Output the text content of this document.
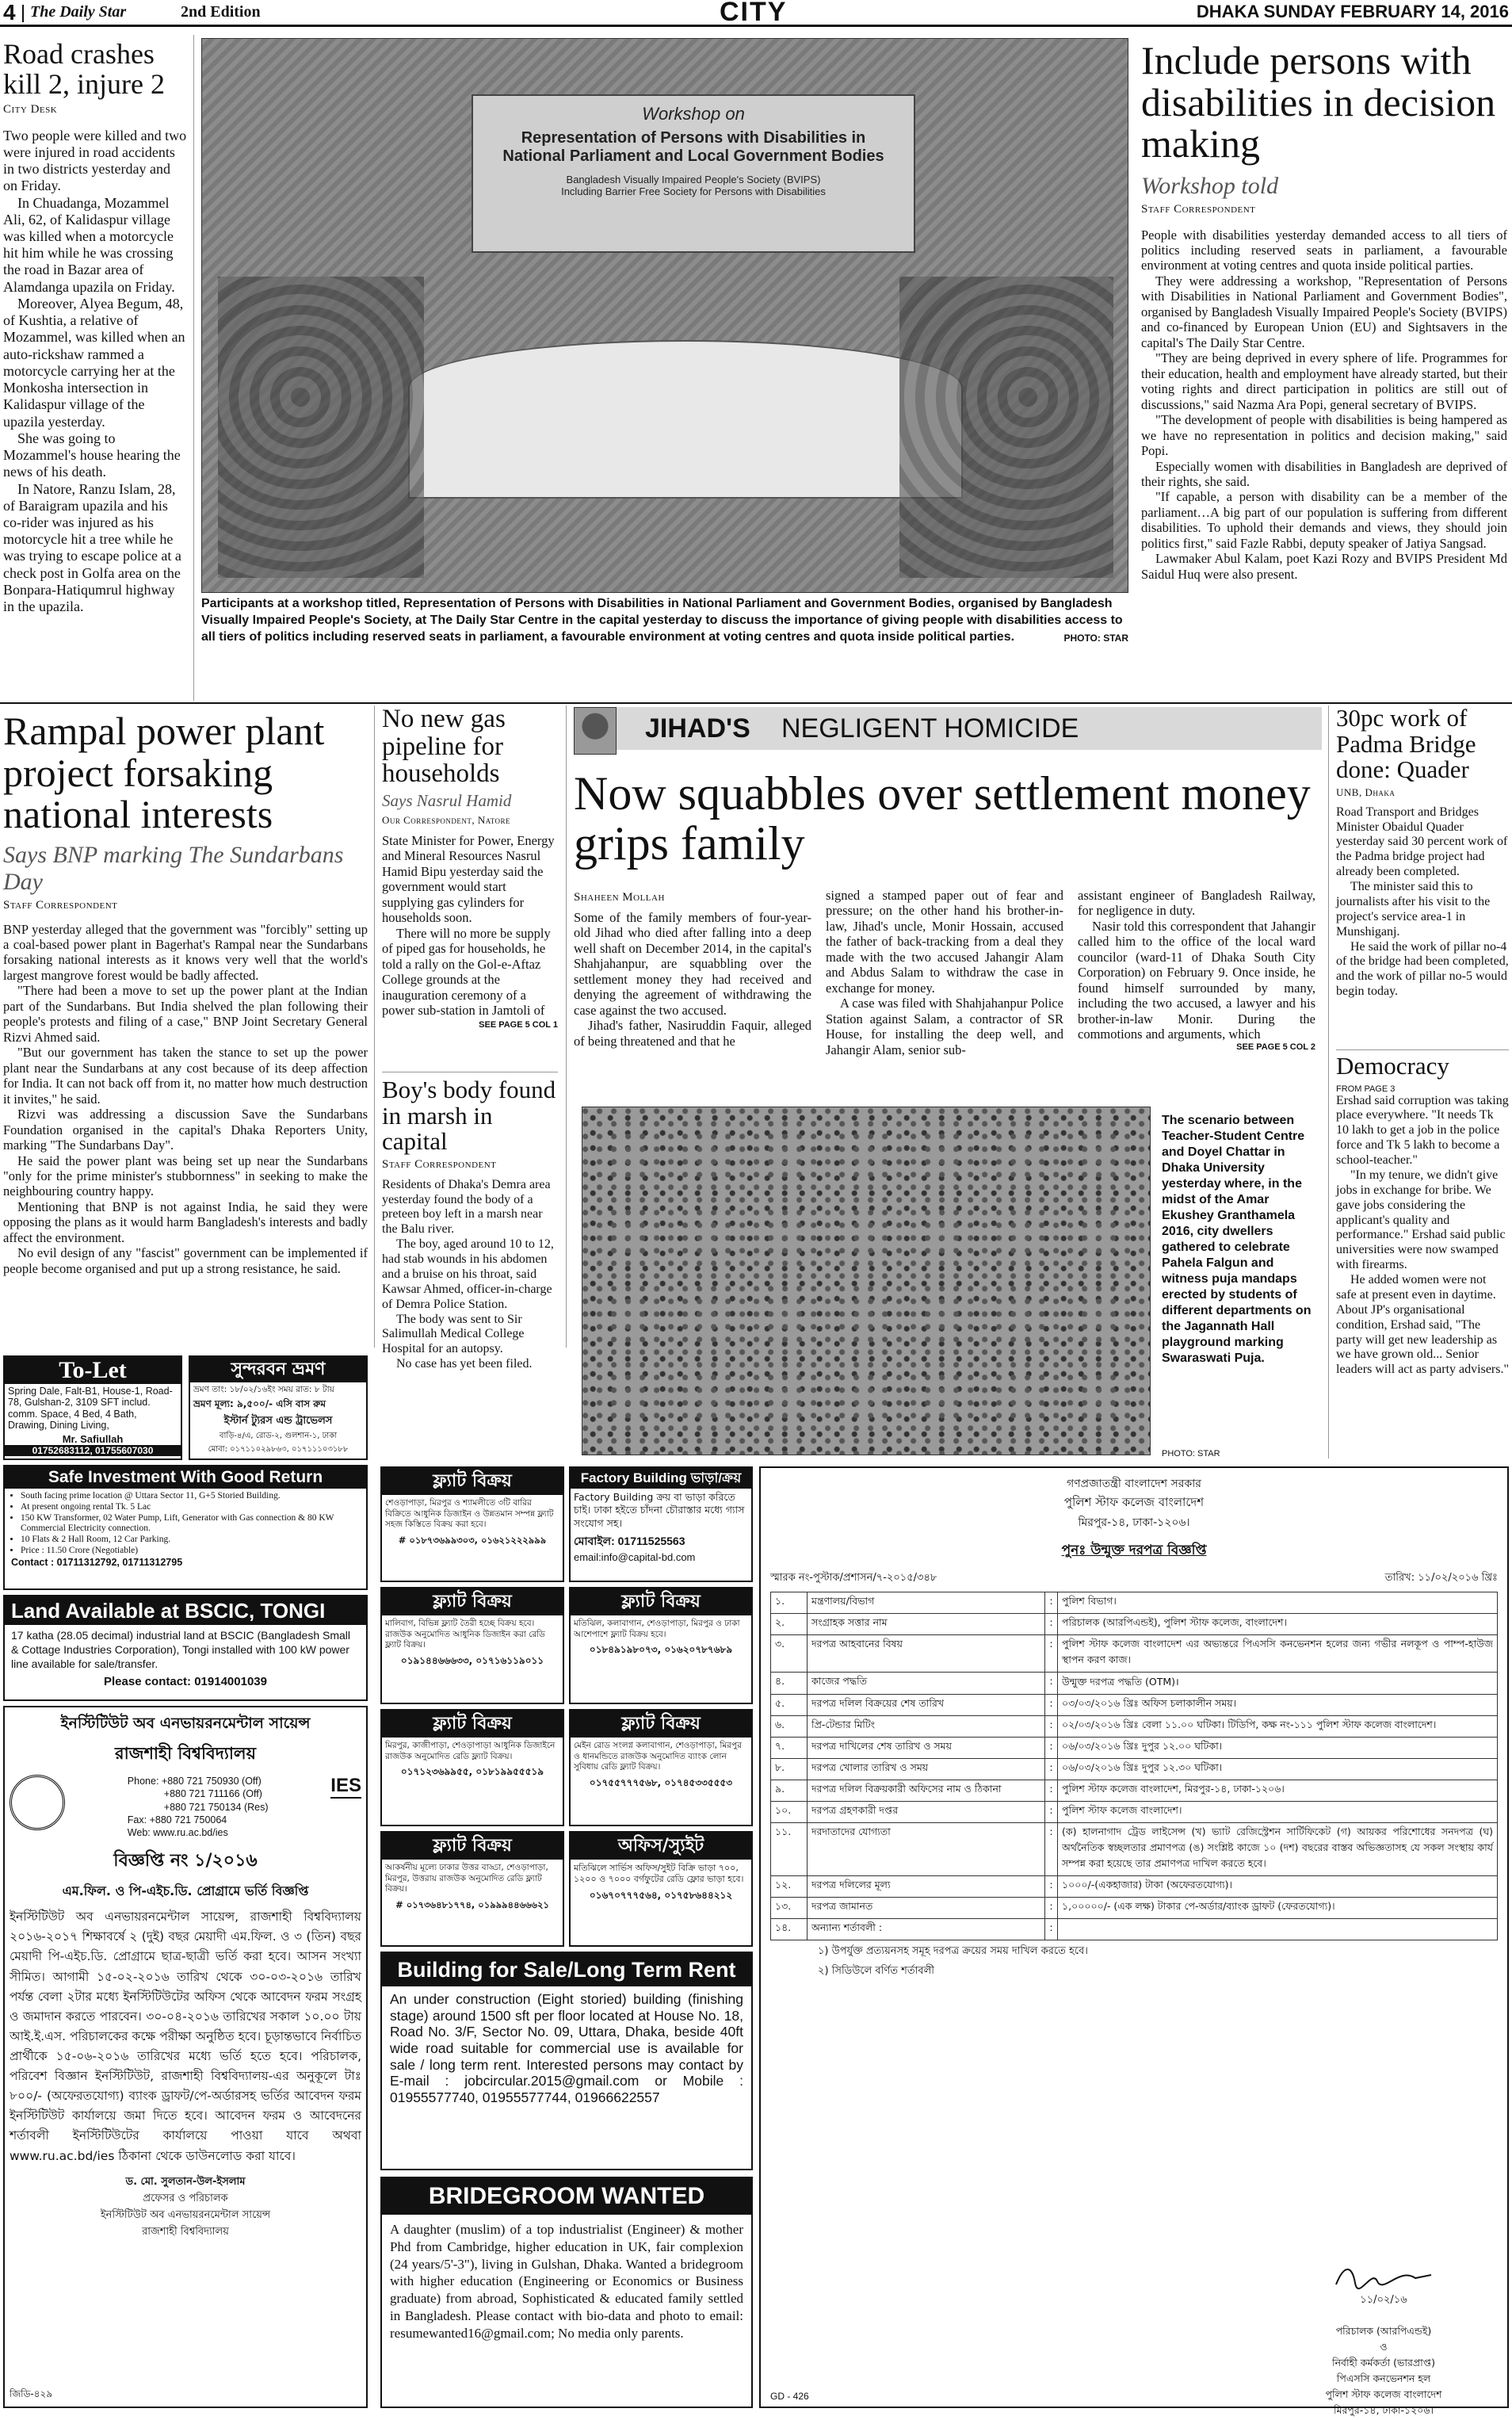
4 The Daily Star	2nd Edition	CITY	DHAKA SUNDAY FEBRUARY 14, 2016
Road crashes kill 2, injure 2
City Desk

Two people were killed and two were injured in road accidents in two districts yesterday and on Friday.

In Chuadanga, Mozammel Ali, 62, of Kalidaspur village was killed when a motorcycle hit him while he was crossing the road in Bazar area of Alamdanga upazila on Friday.

Moreover, Alyea Begum, 48, of Kushtia, a relative of Mozammel, was killed when an auto-rickshaw rammed a motorcycle carrying her at the Monkosha intersection in Kalidaspur village of the upazila yesterday.

She was going to Mozammel's house hearing the news of his death.

In Natore, Ranzu Islam, 28, of Baraigram upazila and his co-rider was injured as his motorcycle hit a tree while he was trying to escape police at a check post in Golfa area on the Bonpara-Hatiqumrul highway in the upazila.

Workshop on
Representation of Persons with Disabilities in
National Parliament and Local Government Bodies
Bangladesh Visually Impaired People's Society (BVIPS)
Including Barrier Free Society for Persons with Disabilities
Participants at a workshop titled, Representation of Persons with Disabilities in National Parliament and Government Bodies, organised by Bangladesh Visually Impaired People's Society, at The Daily Star Centre in the capital yesterday to discuss the importance of giving people with disabilities access to all tiers of politics including reserved seats in parliament, a favourable environment at voting centres and quota inside political parties.	PHOTO: STAR
Include persons with disabilities in decision making
Workshop told
Staff Correspondent

People with disabilities yesterday demanded access to all tiers of politics including reserved seats in parliament, a favourable environment at voting centres and quota inside political parties.

They were addressing a workshop, "Representation of Persons with Disabilities in National Parliament and Government Bodies", organised by Bangladesh Visually Impaired People's Society (BVIPS) and co-financed by European Union (EU) and Sightsavers in the capital's The Daily Star Centre.

"They are being deprived in every sphere of life. Programmes for their education, health and employment have already started, but their voting rights and direct participation in politics are still out of discussions," said Nazma Ara Popi, general secretary of BVIPS.

"The development of people with disabilities is being hampered as we have no representation in politics and decision making," said Popi.

Especially women with disabilities in Bangladesh are deprived of their rights, she said.

"If capable, a person with disability can be a member of the parliament…A big part of our population is suffering from different disabilities. To uphold their demands and views, they should join politics first," said Fazle Rabbi, deputy speaker of Jatiya Sangsad.

Lawmaker Abul Kalam, poet Kazi Rozy and BVIPS President Md Saidul Huq were also present.

Rampal power plant project forsaking national interests
Says BNP marking The Sundarbans Day
Staff Correspondent

BNP yesterday alleged that the government was "forcibly" setting up a coal-based power plant in Bagerhat's Rampal near the Sundarbans forsaking national interests as it knows very well that the world's largest mangrove forest would be badly affected.

"There had been a move to set up the power plant at the Indian part of the Sundarbans. But India shelved the plan following their people's protests and filing of a case," BNP Joint Secretary General Rizvi Ahmed said.

"But our government has taken the stance to set up the power plant near the Sundarbans at any cost because of its deep affection for India. It can not back off from it, no matter how much destruction it invites," he said.

Rizvi was addressing a discussion Save the Sundarbans Foundation organised in the capital's Dhaka Reporters Unity, marking "The Sundarbans Day".

He said the power plant was being set up near the Sundarbans "only for the prime minister's stubbornness" in seeking to make the neighbouring country happy.

Mentioning that BNP is not against India, he said they were opposing the plans as it would harm Bangladesh's interests and badly affect the environment.

No evil design of any "fascist" government can be implemented if people become organised and put up a strong resistance, he said.

No new gas pipeline for households
Says Nasrul Hamid
Our Correspondent, Natore

State Minister for Power, Energy and Mineral Resources Nasrul Hamid Bipu yesterday said the government would start supplying gas cylinders for households soon.

There will no more be supply of piped gas for households, he told a rally on the Gol-e-Aftaz College grounds at the inauguration ceremony of a power sub-station in Jamtoli of

SEE PAGE 5 COL 1
Boy's body found in marsh in capital
Staff Correspondent

Residents of Dhaka's Demra area yesterday found the body of a preteen boy left in a marsh near the Balu river.

The boy, aged around 10 to 12, had stab wounds in his abdomen and a bruise on his throat, said Kawsar Ahmed, officer-in-charge of Demra Police Station.

The body was sent to Sir Salimullah Medical College Hospital for an autopsy.

No case has yet been filed.

JIHAD'S NEGLIGENT HOMICIDE
Now squabbles over settlement money grips family
Shaheen Mollah

Some of the family members of four-year-old Jihad who died after falling into a deep well shaft on December 2014, in the capital's Shahjahanpur, are squabbling over the settlement money they had received and denying the agreement of withdrawing the case against the two accused.

Jihad's father, Nasiruddin Faquir, alleged of being threatened and that he

signed a stamped paper out of fear and pressure; on the other hand his brother-in-law, Jihad's uncle, Monir Hossain, accused the father of back-tracking from a deal they made with the two accused Jahangir Alam and Abdus Salam to withdraw the case in exchange for money.

A case was filed with Shahjahanpur Police Station against Salam, a contractor of SR House, for installing the deep well, and Jahangir Alam, senior sub-

assistant engineer of Bangladesh Railway, for negligence in duty.

Nasir told this correspondent that Jahangir called him to the office of the local ward councilor (ward-11 of Dhaka South City Corporation) on February 9. Once inside, he found himself surrounded by many, including the two accused, a lawyer and his brother-in-law Monir. During the commotions and arguments, which

SEE PAGE 5 COL 2
The scenario between Teacher-Student Centre and Doyel Chattar in Dhaka University yesterday where, in the midst of the Amar Ekushey Granthamela 2016, city dwellers gathered to celebrate Pahela Falgun and witness puja mandaps erected by students of different departments on the Jagannath Hall playground marking Swaraswati Puja.
PHOTO: STAR
30pc work of Padma Bridge done: Quader
UNB, Dhaka

Road Transport and Bridges Minister Obaidul Quader yesterday said 30 percent work of the Padma bridge project had already been completed.

The minister said this to journalists after his visit to the project's service area-1 in Munshiganj.

He said the work of pillar no-4 of the bridge had been completed, and the work of pillar no-5 would begin today.

Democracy
FROM PAGE 3

Ershad said corruption was taking place everywhere. "It needs Tk 10 lakh to get a job in the police force and Tk 5 lakh to become a school-teacher."

"In my tenure, we didn't give jobs in exchange for bribe. We gave jobs considering the applicant's quality and performance." Ershad said public universities were now swamped with firearms.

He added women were not safe at present even in daytime. About JP's organisational condition, Ershad said, "The party will get new leadership as we have grown old... Senior leaders will act as party advisers."

To-Let
Spring Dale, Falt-B1, House-1, Road-78, Gulshan-2, 3109 SFT includ. comm. Space, 4 Bed, 4 Bath, Drawing, Dining Living,
Mr. Safiullah
01752683112, 01755607030
সুন্দরবন ভ্রমণ
ভ্রমণ তাং: ১৮/০২/১৬ইং সময় রাত: ৮ টায়
ভ্রমণ মূল্য: ৯,৫০০/- এসি বাস রুম
ইস্টার্ন ট্যুরস এন্ড ট্রাভেলস
বাড়ি-৪/এ, রোড-২, গুলশান-১, ঢাকা
মোবা: ০১৭১১০২৯৮৬৩, ০১৭১১১০৩১৮৮
Safe Investment With Good Return
• South facing prime location @ Uttara Sector 11, G+5 Storied Building.
• At present ongoing rental Tk. 5 Lac
• 150 KW Transformer, 02 Water Pump, Lift, Generator with Gas connection & 80 KW Commercial Electricity connection.
• 10 Flats & 2 Hall Room, 12 Car Parking.
• Price : 11.50 Crore (Negotiable)
Contact : 01711312792, 01711312795
Land Available at BSCIC, TONGI
17 katha (28.05 decimal) industrial land at BSCIC (Bangladesh Small & Cottage Industries Corporation), Tongi installed with 100 kW power line available for sale/transfer.
Please contact: 01914001039
ইনস্টিটিউট অব এনভায়রনমেন্টাল সায়েন্স
রাজশাহী বিশ্ববিদ্যালয়
Phone: +880 721 750930 (Off)
+880 721 711166 (Off)
+880 721 750134 (Res)
Fax: +880 721 750064
Web: www.ru.ac.bd/ies
IES
বিজ্ঞপ্তি নং ১/২০১৬
এম.ফিল. ও পি-এইচ.ডি. প্রোগ্রামে ভর্তি বিজ্ঞপ্তি
ইনস্টিটিউট অব এনভায়রনমেন্টাল সায়েন্স, রাজশাহী বিশ্ববিদ্যালয় ২০১৬-২০১৭ শিক্ষাবর্ষে ২ (দুই) বছর মেয়াদী এম.ফিল. ও ৩ (তিন) বছর মেয়াদী পি-এইচ.ডি. প্রোগ্রামে ছাত্র-ছাত্রী ভর্তি করা হবে। আসন সংখ্যা সীমিত। আগামী ১৫-০২-২০১৬ তারিখ থেকে ৩০-০৩-২০১৬ তারিখ পর্যন্ত বেলা ২টার মধ্যে ইনস্টিটিউটের অফিস থেকে আবেদন ফরম সংগ্রহ ও জমাদান করতে পারবেন। ৩০-০৪-২০১৬ তারিখের সকাল ১০.০০ টায় আই.ই.এস. পরিচালকের কক্ষে পরীক্ষা অনুষ্ঠিত হবে। চূড়ান্তভাবে নির্বাচিত প্রার্থীকে ১৫-০৬-২০১৬ তারিখের মধ্যে ভর্তি হতে হবে। পরিচালক, পরিবেশ বিজ্ঞান ইনস্টিটিউট, রাজশাহী বিশ্ববিদ্যালয়-এর অনুকূলে টাঃ ৮০০/- (অফেরতযোগ্য) ব্যাংক ড্রাফট/পে-অর্ডারসহ ভর্তির আবেদন ফরম ইনস্টিটিউট কার্যালয়ে জমা দিতে হবে। আবেদন ফরম ও আবেদনের শর্তাবলী ইনস্টিটিউটের কার্যালয়ে পাওয়া যাবে অথবা www.ru.ac.bd/ies ঠিকানা থেকে ডাউনলোড করা যাবে।
ড. মো. সুলতান-উল-ইসলাম
প্রফেসর ও পরিচালক
ইনস্টিটিউট অব এনভায়রনমেন্টাল সায়েন্স
রাজশাহী বিশ্ববিদ্যালয়
জিডি-৪২৯
ফ্ল্যাট বিক্রয়
শেওড়াপাড়া, মিরপুর ও শ্যামলীতে ৩টি বারির বিক্রিতে আধুনিক ডিজাইন ও উন্নতমান সম্পন্ন ফ্ল্যাট সহজ কিস্তিতে বিক্রয় করা হবে।
# ০১৮৭৩৬৯৯৩০৩, ০১৬২১২২২৯৯৯
Factory Building ভাড়া/ক্রয়
Factory Building ক্রয় বা ভাড়া করিতে চাই। ঢাকা হইতে চাঁদনা চৌরাস্তার মধ্যে গ্যাস সংযোগ সহ।
মোবাইল: 01711525563
email:info@capital-bd.com
ফ্ল্যাট বিক্রয়
মালিবাগ, বিভিন্ন ফ্ল্যাট তৈরী হচ্ছে বিক্রয় হবে। রাজউক অনুমোদিত আধুনিক ডিজাইন করা রেডি ফ্ল্যাট বিক্রয়।
০১৯১৪৪৬৬৬৩৩, ০১৭১৬১১৯০১১
ফ্ল্যাট বিক্রয়
মতিঝিল, কলাবাগান, শেওড়াপাড়া, মিরপুর ও ঢাকা আশেপাশে ফ্ল্যাট বিক্রয় হবে।
০১৮৪৯১৯৮০৭৩, ০১৬২০৭৮৭৬৮৯
ফ্ল্যাট বিক্রয়
মিরপুর, কাজীপাড়া, শেওড়াপাড়া আধুনিক ডিজাইনে রাজউক অনুমোদিত রেডি ফ্ল্যাট বিক্রয়।
০১৭১২৩৬৯৯৫৫, ০১৮১৯৯৫৫৫১৯
ফ্ল্যাট বিক্রয়
মেইন রোড সংলগ্ন কলাবাগান, শেওড়াপাড়া, মিরপুর ও ধানমন্ডিতে রাজউক অনুমোদিত ব্যাংক লোন সুবিধায় রেডি ফ্ল্যাট বিক্রয়।
০১৭৫৫৭৭৭৫৬৮, ০১৭৪৫৩৩৫৫৫৩
ফ্ল্যাট বিক্রয়
আকর্ষনীয় মূল্যে ঢাকার উত্তর বাড্ডা, শেওড়াপাড়া, মিরপুর, উত্তরায় রাজউক অনুমোদিত রেডি ফ্ল্যাট বিক্রয়।
# ০১৭৩৬৪৮১৭৭৪, ০১৯৯৯৪৪৬৬৬২১
অফিস/স্যুইট
মতিঝিলে সার্ভিস অফিস/সুইট বিক্রি ভাড়া ৭০০, ১২০০ ও ৭০০০ বর্গফুটের রেডি ফ্লোর ভাড়া হবে।
০১৬৭০৭৭৭৫৬৪, ০১৭৫৮৬৪৪২১২
Building for Sale/Long Term Rent
An under construction (Eight storied) building (finishing stage) around 1500 sft per floor located at House No. 18, Road No. 3/F, Sector No. 09, Uttara, Dhaka, beside 40ft wide road suitable for commercial use is available for sale / long term rent. Interested persons may contact by E-mail : jobcircular.2015@gmail.com or Mobile : 01955577740, 01955577744, 01966622557
BRIDEGROOM WANTED
A daughter (muslim) of a top industrialist (Engineer) & mother Phd from Cambridge, higher education in UK, fair complexion (24 years/5'-3"), living in Gulshan, Dhaka. Wanted a bridegroom with higher education (Engineering or Economics or Business graduate) from abroad, Sophisticated & educated family settled in Bangladesh. Please contact with bio-data and photo to email: resumewanted16@gmail.com; No media only parents.
গণপ্রজাতন্ত্রী বাংলাদেশ সরকার
পুলিশ স্টাফ কলেজ বাংলাদেশ
মিরপুর-১৪, ঢাকা-১২০৬।
পুনঃ উন্মুক্ত দরপত্র বিজ্ঞপ্তি
স্মারক নং-পুস্টাক/প্রশাসন/৭-২০১৫/৩৪৮	তারিখ: ১১/০২/২০১৬ খ্রিঃ
১.	মন্ত্রণালয়/বিভাগ	:	পুলিশ বিভাগ।
২.	সংগ্রাহক সত্তার নাম	:	পরিচালক (আরপিএন্ডই), পুলিশ স্টাফ কলেজ, বাংলাদেশ।
৩.	দরপত্র আহবানের বিষয়	:	পুলিশ স্টাফ কলেজ বাংলাদেশ এর অভ্যন্তরে পিএসসি কনভেনশন হলের জন্য গভীর নলকূপ ও পাম্প-হাউজ স্থাপন করণ কাজ।
৪.	কাজের পদ্ধতি	:	উন্মুক্ত দরপত্র পদ্ধতি (OTM)।
৫.	দরপত্র দলিল বিক্রয়ের শেষ তারিখ	:	০৩/০৩/২০১৬ খ্রিঃ অফিস চলাকালীন সময়।
৬.	প্রি-টেন্ডার মিটিং	:	০২/০৩/২০১৬ খ্রিঃ বেলা ১১.০০ ঘটিকা। টিডিপি, কক্ষ নং-১১১ পুলিশ স্টাফ কলেজ বাংলাদেশ।
৭.	দরপত্র দাখিলের শেষ তারিখ ও সময়	:	০৬/০৩/২০১৬ খ্রিঃ দুপুর ১২.০০ ঘটিকা।
৮.	দরপত্র খোলার তারিখ ও সময়	:	০৬/০৩/২০১৬ খ্রিঃ দুপুর ১২.৩০ ঘটিকা।
৯.	দরপত্র দলিল বিক্রয়কারী অফিসের নাম ও ঠিকানা	:	পুলিশ স্টাফ কলেজ বাংলাদেশ, মিরপুর-১৪, ঢাকা-১২০৬।
১০.	দরপত্র গ্রহণকারী দপ্তর	:	পুলিশ স্টাফ কলেজ বাংলাদেশ।
১১.	দরদাতাদের যোগ্যতা	:	(ক) হালনাগাদ ট্রেড লাইসেন্স (খ) ভ্যাট রেজিস্ট্রেশন সার্টিফিকেট (গ) আয়কর পরিশোধের সনদপত্র (ঘ) অর্থনৈতিক স্বচ্ছলতার প্রমাণপত্র (ঙ) সংশ্লিষ্ট কাজে ১০ (দশ) বছরের বাস্তব অভিজ্ঞতাসহ যে সকল সংস্থায় কার্য সম্পন্ন করা হয়েছে তার প্রমাণপত্র দাখিল করতে হবে।
১২.	দরপত্র দলিলের মূল্য	:	১০০০/-(একহাজার) টাকা (অফেরতযোগ্য)।
১৩.	দরপত্র জামানত	:	১,০০০০০/- (এক লক্ষ) টাকার পে-অর্ডার/ব্যাংক ড্রাফট (ফেরতযোগ্য)।
১৪.	অন্যান্য শর্তাবলী :	:	
১) উপর্যুক্ত প্রত্যয়নসহ সমূহ দরপত্র ক্রয়ের সময় দাখিল করতে হবে।
২) সিডিউলে বর্ণিত শর্তাবলী
১১/০২/১৬
পরিচালক (আরপিএন্ডই)
ও
নির্বাহী কর্মকর্তা (ভারপ্রাপ্ত)
পিএসসি কনভেনশন হল
পুলিশ স্টাফ কলেজ বাংলাদেশ
মিরপুর-১৪, ঢাকা-১২০৬।
GD - 426
